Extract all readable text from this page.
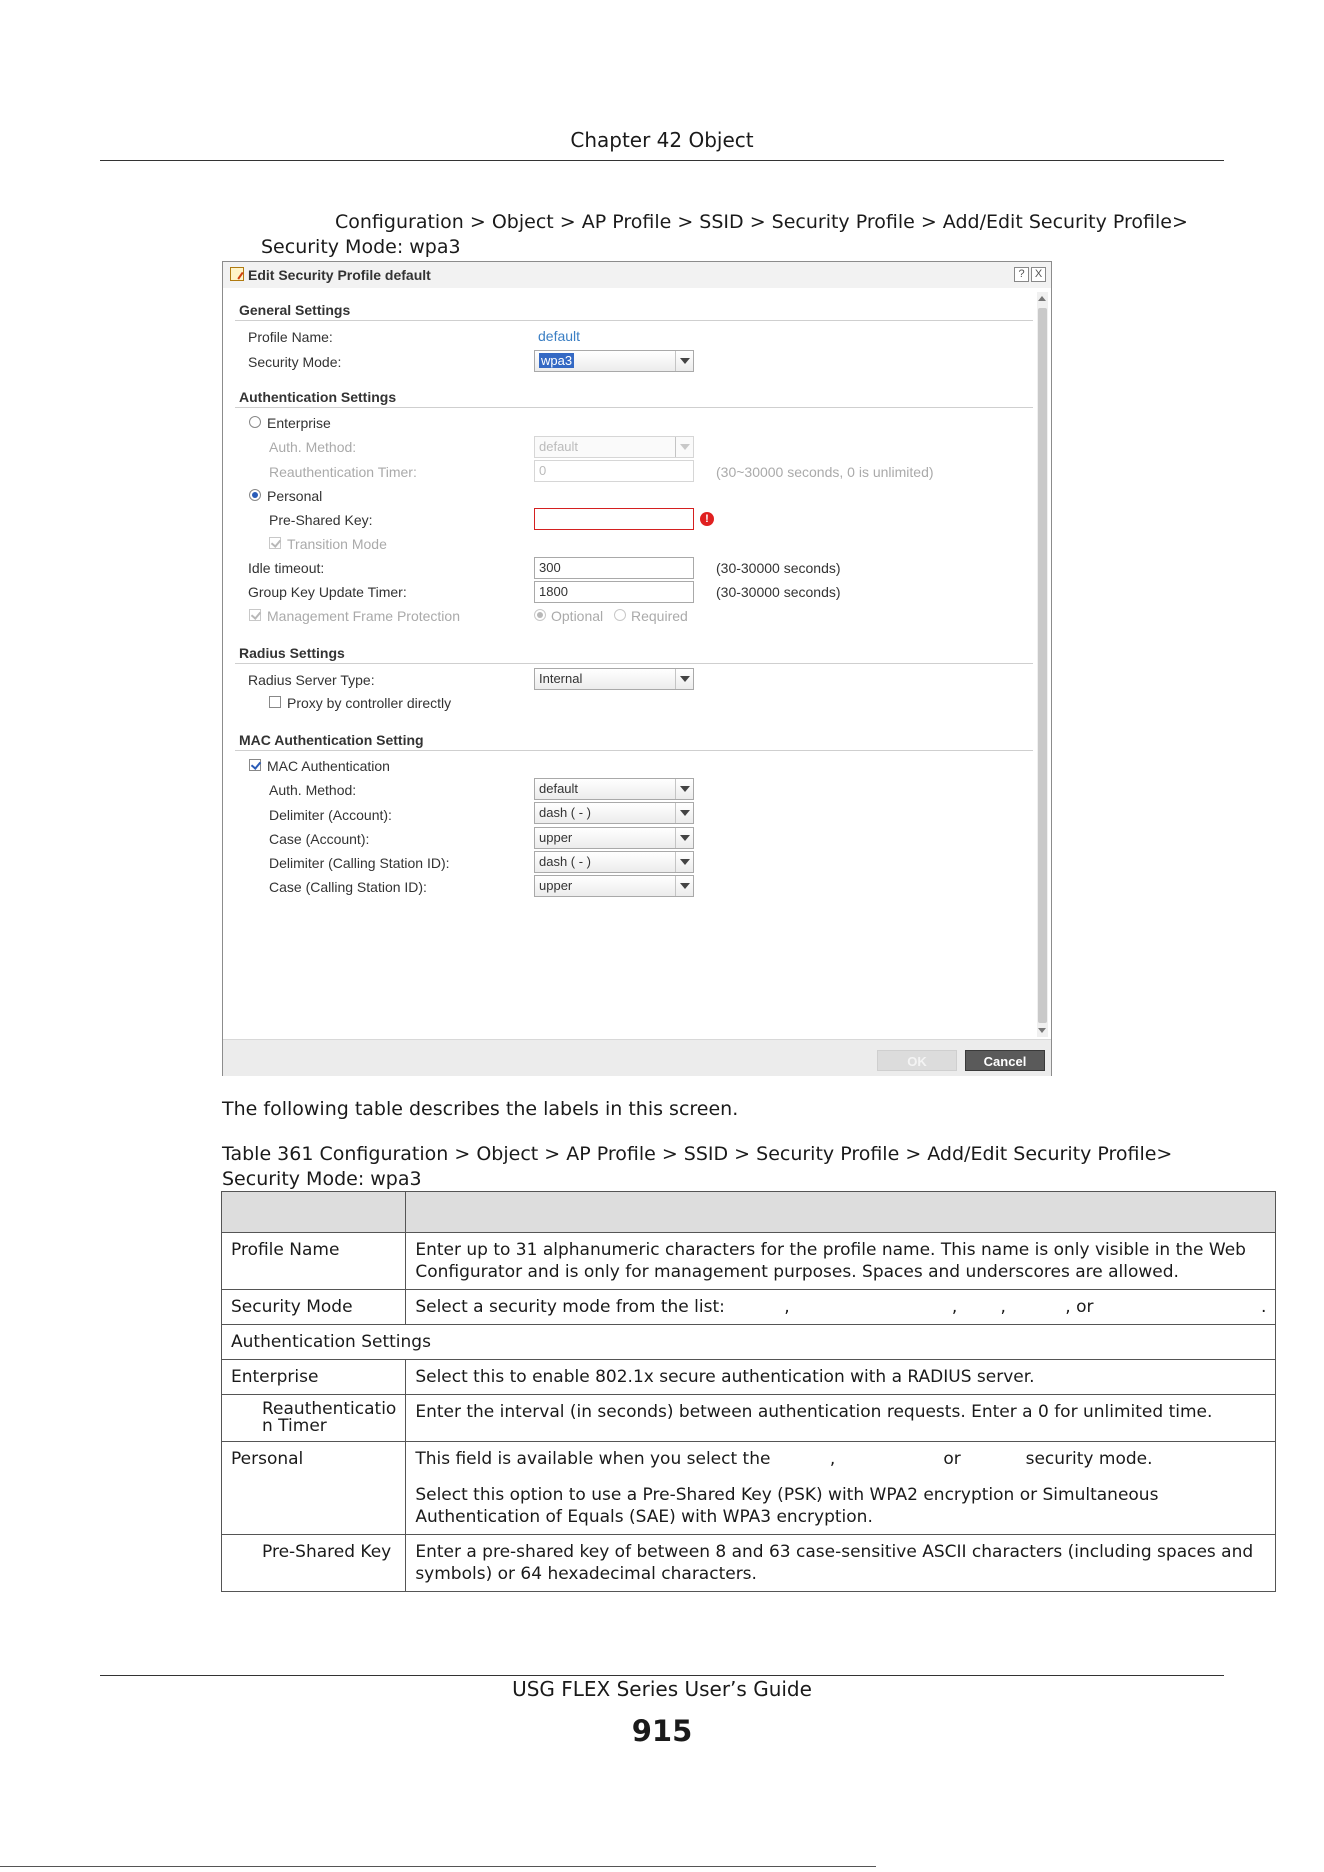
Chapter 42 Object
Configuration > Object > AP Profile > SSID > Security Profile > Add/Edit Security Profile>
Security Mode: wpa3
Edit Security Profile default	? X
General Settings
Profile Name:	default
Security Mode:	wpa3
Authentication Settings
Enterprise
Auth. Method:	default
Reauthentication Timer:	0	(30~30000 seconds, 0 is unlimited)
Personal
Pre-Shared Key:	!
Transition Mode
Idle timeout:	300	(30-30000 seconds)
Group Key Update Timer:	1800	(30-30000 seconds)
Management Frame Protection	Optional Required
Radius Settings
Radius Server Type:	Internal
Proxy by controller directly
MAC Authentication Setting
MAC Authentication
Auth. Method:	default
Delimiter (Account):	dash ( - )
Case (Account):	upper
Delimiter (Calling Station ID):	dash ( - )
Case (Calling Station ID):	upper
OK	Cancel
The following table describes the labels in this screen.
Table 361 Configuration > Object > AP Profile > SSID > Security Profile > Add/Edit Security Profile>
Security Mode: wpa3

Profile Name	Enter up to 31 alphanumeric characters for the profile name. This name is only visible in the Web Configurator and is only for management purposes. Spaces and underscores are allowed.
Security Mode	Select a security mode from the list:           ,                              ,        ,           , or                               .
Authentication Settings	
Enterprise	Select this to enable 802.1x secure authentication with a RADIUS server.
Reauthenticatio n Timer	Enter the interval (in seconds) between authentication requests. Enter a 0 for unlimited time.
Personal	This field is available when you select the           ,                    or            security mode.
Select this option to use a Pre-Shared Key (PSK) with WPA2 encryption or Simultaneous Authentication of Equals (SAE) with WPA3 encryption.

Pre-Shared Key	Enter a pre-shared key of between 8 and 63 case-sensitive ASCII characters (including spaces and symbols) or 64 hexadecimal characters.
USG FLEX Series User’s Guide
915
